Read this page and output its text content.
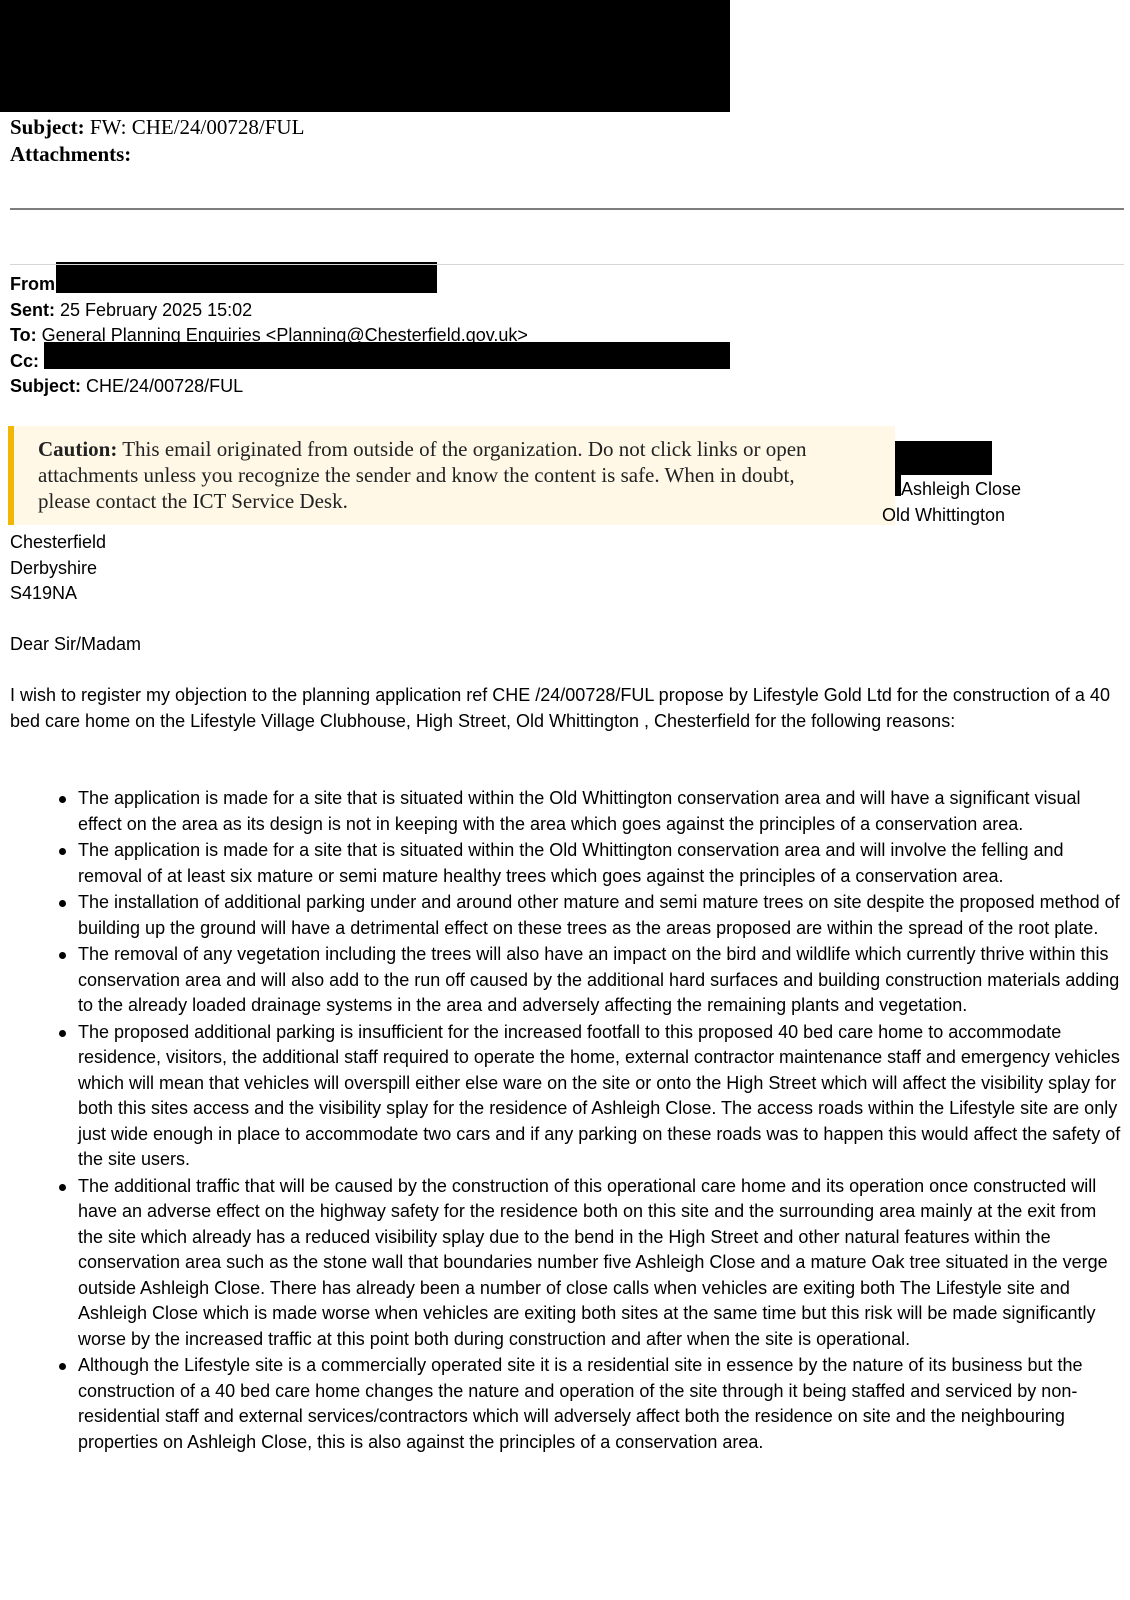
Subject: FW: CHE/24/00728/FUL
Attachments:
From
Sent: 25 February 2025 15:02
To: General Planning Enquiries <Planning@Chesterfield.gov.uk>
Cc:
Subject: CHE/24/00728/FUL
Caution: This email originated from outside of the organization. Do not click links or open
attachments unless you recognize the sender and know the content is safe. When in doubt,
please contact the ICT Service Desk.	Ashleigh Close
Old Whittington
Chesterfield
Derbyshire
S419NA
Dear Sir/Madam
I wish to register my objection to the planning application ref CHE /24/00728/FUL propose by Lifestyle Gold Ltd for the construction of a 40 bed care home on the Lifestyle Village Clubhouse, High Street, Old Whittington , Chesterfield for the following reasons:
The application is made for a site that is situated within the Old Whittington conservation area and will have a significant visual effect on the area as its design is not in keeping with the area which goes against the principles of a conservation area.
The application is made for a site that is situated within the Old Whittington conservation area and will involve the felling and removal of at least six mature or semi mature healthy trees which goes against the principles of a conservation area.
The installation of additional parking under and around other mature and semi mature trees on site despite the proposed method of building up the ground will have a detrimental effect on these trees as the areas proposed are within the spread of the root plate.
The removal of any vegetation including the trees will also have an impact on the bird and wildlife which currently thrive within this conservation area and will also add to the run off caused by the additional hard surfaces and building construction materials adding to the already loaded drainage systems in the area and adversely affecting the remaining plants and vegetation.
The proposed additional parking is insufficient for the increased footfall to this proposed 40 bed care home to accommodate residence, visitors, the additional staff required to operate the home, external contractor maintenance staff and emergency vehicles which will mean that vehicles will overspill either else ware on the site or onto the High Street which will affect the visibility splay for both this sites access and the visibility splay for the residence of Ashleigh Close. The access roads within the Lifestyle site are only just wide enough in place to accommodate two cars and if any parking on these roads was to happen this would affect the safety of the site users.
The additional traffic that will be caused by the construction of this operational care home and its operation once constructed will have an adverse effect on the highway safety for the residence both on this site and the surrounding area mainly at the exit from the site which already has a reduced visibility splay due to the bend in the High Street and other natural features within the conservation area such as the stone wall that boundaries number five Ashleigh Close and a mature Oak tree situated in the verge outside Ashleigh Close. There has already been a number of close calls when vehicles are exiting both The Lifestyle site and Ashleigh Close which is made worse when vehicles are exiting both sites at the same time but this risk will be made significantly worse by the increased traffic at this point both during construction and after when the site is operational.
Although the Lifestyle site is a commercially operated site it is a residential site in essence by the nature of its business but the construction of a 40 bed care home changes the nature and operation of the site through it being staffed and serviced by non-residential staff and external services/contractors which will adversely affect both the residence on site and the neighbouring properties on Ashleigh Close, this is also against the principles of a conservation area.
